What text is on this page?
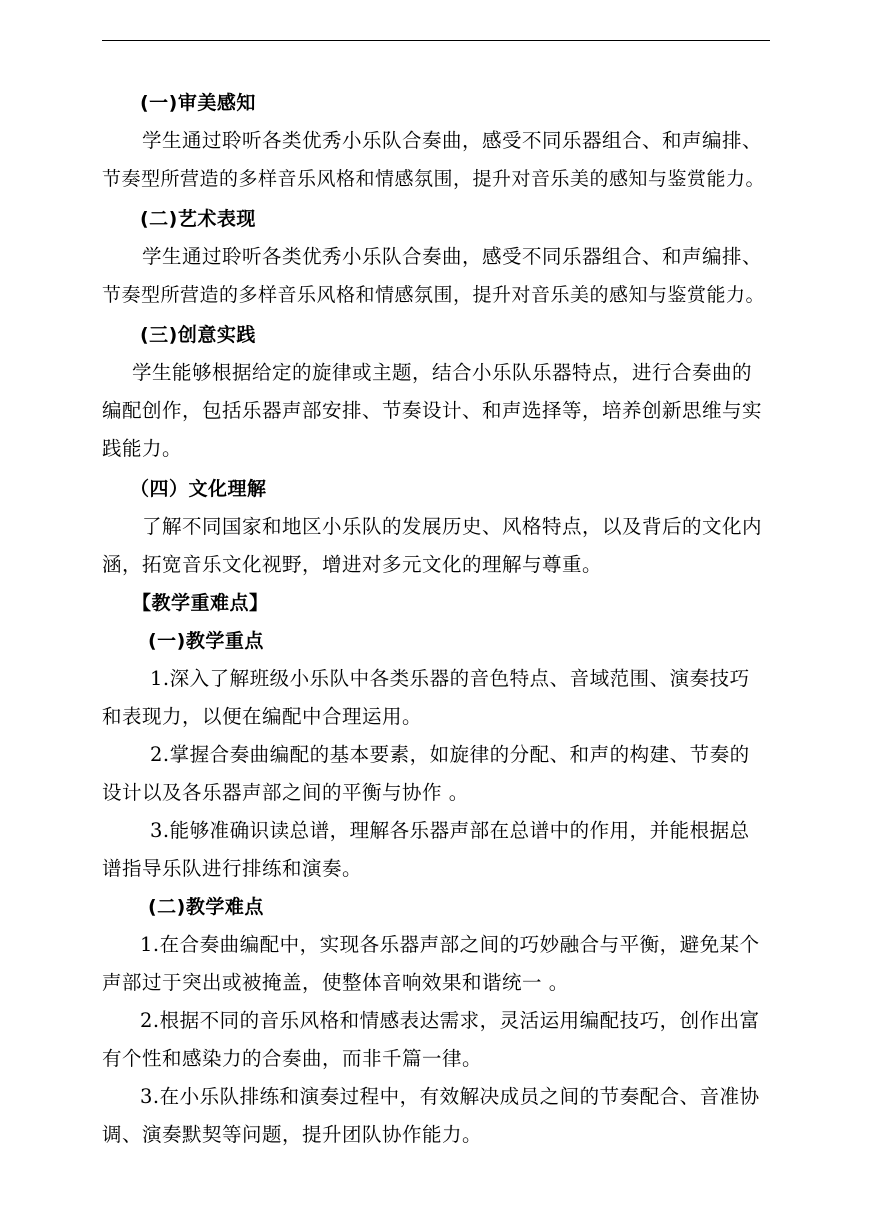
(一)审美感知
学生通过聆听各类优秀小乐队合奏曲，感受不同乐器组合、和声编排、
节奏型所营造的多样音乐风格和情感氛围，提升对音乐美的感知与鉴赏能力。
(二)艺术表现
学生通过聆听各类优秀小乐队合奏曲，感受不同乐器组合、和声编排、
节奏型所营造的多样音乐风格和情感氛围，提升对音乐美的感知与鉴赏能力。
(三)创意实践
学生能够根据给定的旋律或主题，结合小乐队乐器特点，进行合奏曲的
编配创作，包括乐器声部安排、节奏设计、和声选择等，培养创新思维与实
践能力。
（四）文化理解
了解不同国家和地区小乐队的发展历史、风格特点，以及背后的文化内
涵，拓宽音乐文化视野，增进对多元文化的理解与尊重。
【教学重难点】
(一)教学重点
1.深入了解班级小乐队中各类乐器的音色特点、音域范围、演奏技巧
和表现力，以便在编配中合理运用。
2.掌握合奏曲编配的基本要素，如旋律的分配、和声的构建、节奏的
设计以及各乐器声部之间的平衡与协作 。
3.能够准确识读总谱，理解各乐器声部在总谱中的作用，并能根据总
谱指导乐队进行排练和演奏。
(二)教学难点
1.在合奏曲编配中，实现各乐器声部之间的巧妙融合与平衡，避免某个
声部过于突出或被掩盖，使整体音响效果和谐统一 。
2.根据不同的音乐风格和情感表达需求，灵活运用编配技巧，创作出富
有个性和感染力的合奏曲，而非千篇一律。
3.在小乐队排练和演奏过程中，有效解决成员之间的节奏配合、音准协
调、演奏默契等问题，提升团队协作能力。
